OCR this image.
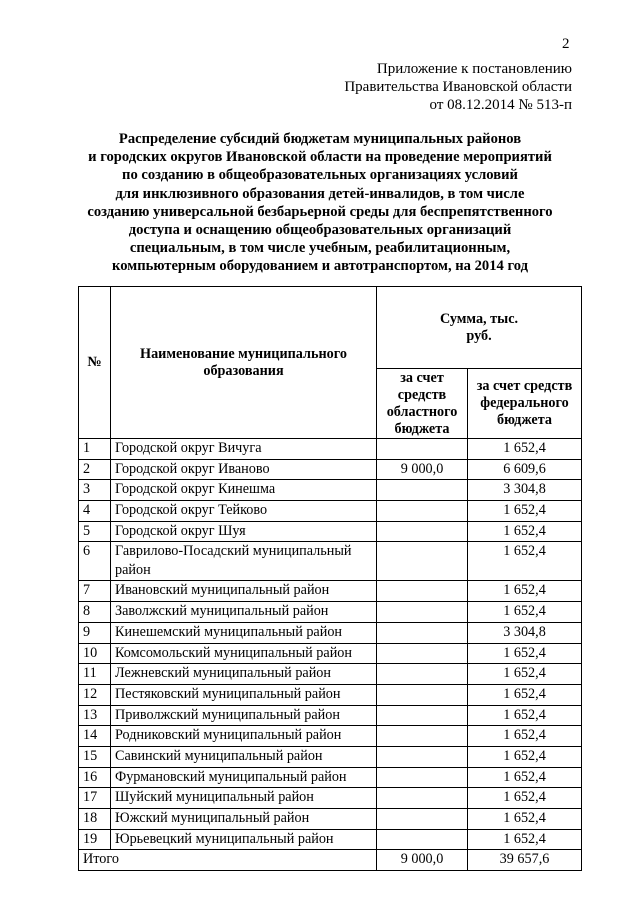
2
Приложение к постановлению
Правительства Ивановской области
от 08.12.2014 № 513-п
Распределение субсидий бюджетам муниципальных районов
и городских округов Ивановской области на проведение мероприятий
по созданию в общеобразовательных организациях условий
для инклюзивного образования детей-инвалидов, в том числе
созданию универсальной безбарьерной среды для беспрепятственного
доступа и оснащению общеобразовательных организаций
специальным, в том числе учебным, реабилитационным,
компьютерным оборудованием и автотранспортом, на 2014 год
№	Наименование муниципального образования	Сумма, тыс. руб.	

		за счет средств областного бюджета	за счет средств федерального бюджета
1	Городской округ Вичуга		1 652,4
2	Городской округ Иваново	9 000,0	6 609,6
3	Городской округ Кинешма		3 304,8
4	Городской округ Тейково		1 652,4
5	Городской округ Шуя		1 652,4
6	Гаврилово-Посадский муниципальный район		1 652,4
7	Ивановский муниципальный район		1 652,4
8	Заволжский муниципальный район		1 652,4
9	Кинешемский муниципальный район		3 304,8
10	Комсомольский муниципальный район		1 652,4
11	Лежневский муниципальный район		1 652,4
12	Пестяковский муниципальный район		1 652,4
13	Приволжский муниципальный район		1 652,4
14	Родниковский муниципальный район		1 652,4
15	Савинский муниципальный район		1 652,4
16	Фурмановский муниципальный район		1 652,4
17	Шуйский муниципальный район		1 652,4
18	Южский муниципальный район		1 652,4
19	Юрьевецкий муниципальный район		1 652,4
Итого		9 000,0	39 657,6
